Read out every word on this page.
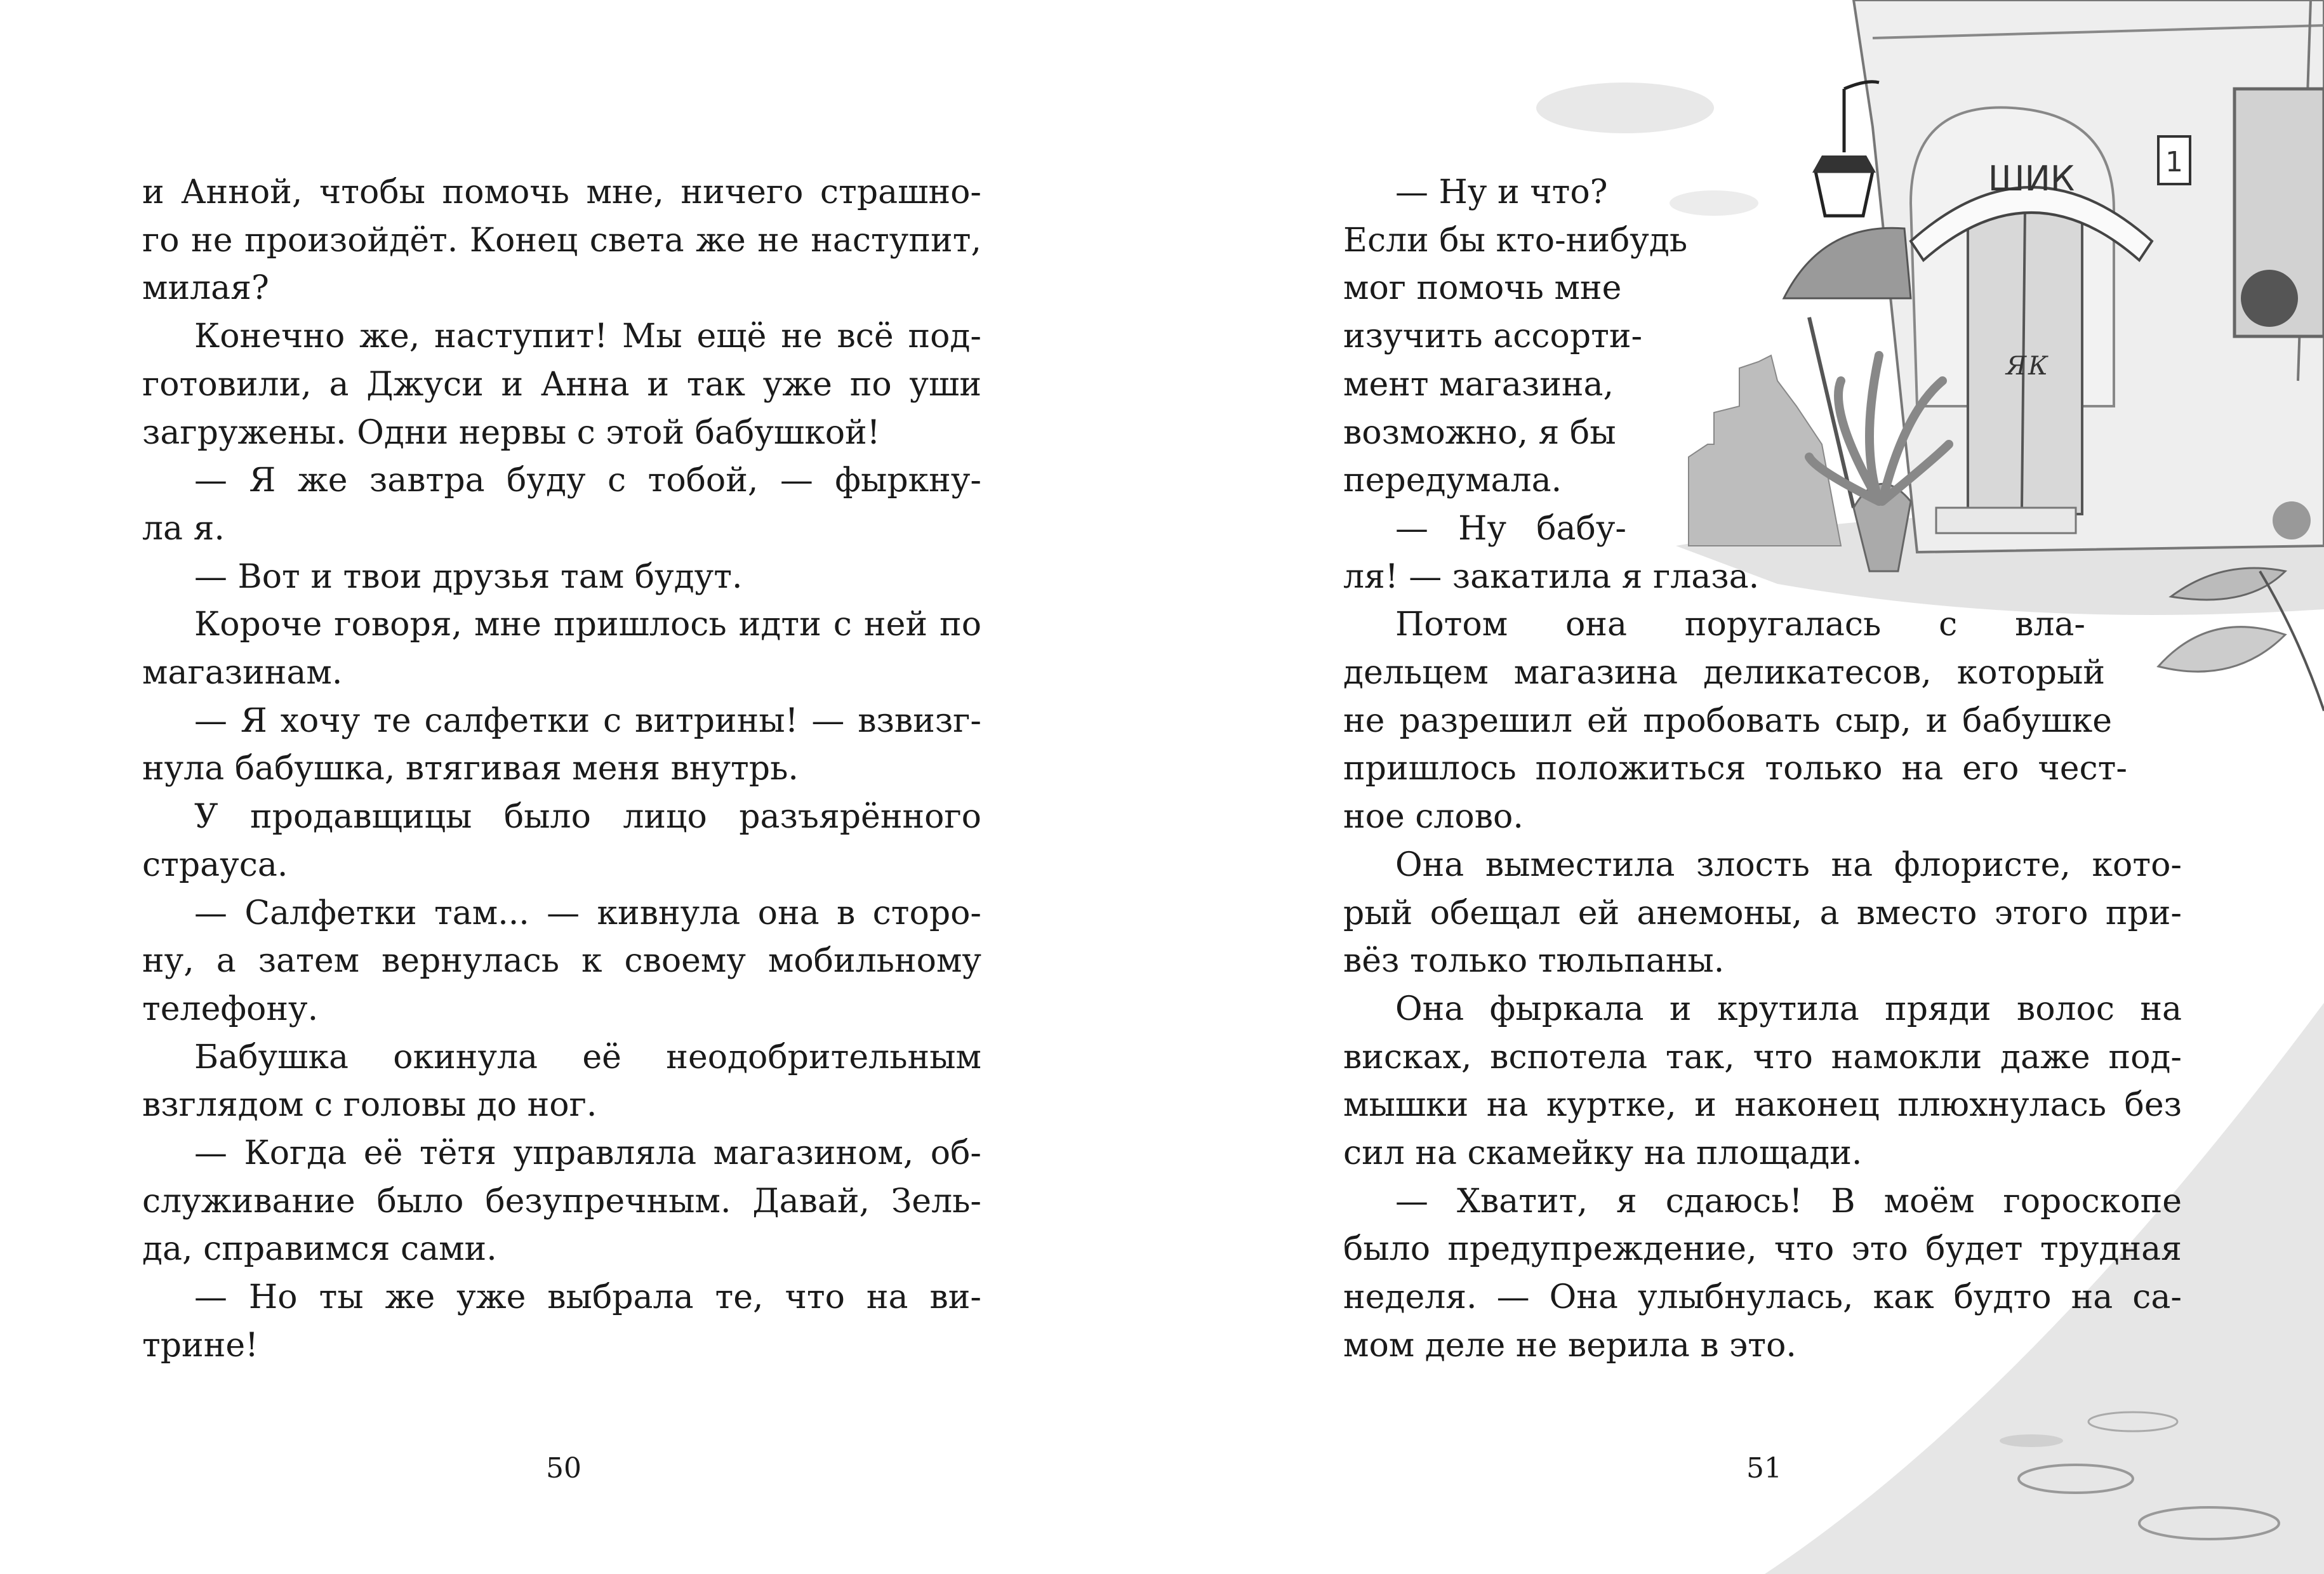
и Анной, чтобы помочь мне, ничего страшно-
го не произойдёт. Конец света же не наступит,
милая?
Конечно же, наступит! Мы ещё не всё под-
готовили, а Джуси и Анна и так уже по уши
загружены. Одни нервы с этой бабушкой!
— Я же завтра буду с тобой, — фыркну-
ла я.
— Вот и твои друзья там будут.
Короче говоря, мне пришлось идти с ней по
магазинам.
— Я хочу те салфетки с витрины! — взвизг-
нула бабушка, втягивая меня внутрь.
У продавщицы было лицо разъярённого
страуса.
— Салфетки там... — кивнула она в сторо-
ну, а затем вернулась к своему мобильному
телефону.
Бабушка окинула её неодобрительным
взглядом с головы до ног.
— Когда её тётя управляла магазином, об-
служивание было безупречным. Давай, Зель-
да, справимся сами.
— Но ты же уже выбрала те, что на ви-
трине!
50
Я К
ШИК	1
— Ну и что?
Если бы кто-нибудь
мог помочь мне
изучить ассорти-
мент магазина,
возможно, я бы
передумала.
— Ну бабу-
ля! — закатила я глаза.
Потом она поругалась с вла-
дельцем магазина деликатесов, который
не разрешил ей пробовать сыр, и бабушке
пришлось положиться только на его чест-
ное слово.
Она выместила злость на флористе, кото-
рый обещал ей анемоны, а вместо этого при-
вёз только тюльпаны.
Она фыркала и крутила пряди волос на
висках, вспотела так, что намокли даже под-
мышки на куртке, и наконец плюхнулась без
сил на скамейку на площади.
— Хватит, я сдаюсь! В моём гороскопе
было предупреждение, что это будет трудная
неделя. — Она улыбнулась, как будто на са-
мом деле не верила в это.
51
